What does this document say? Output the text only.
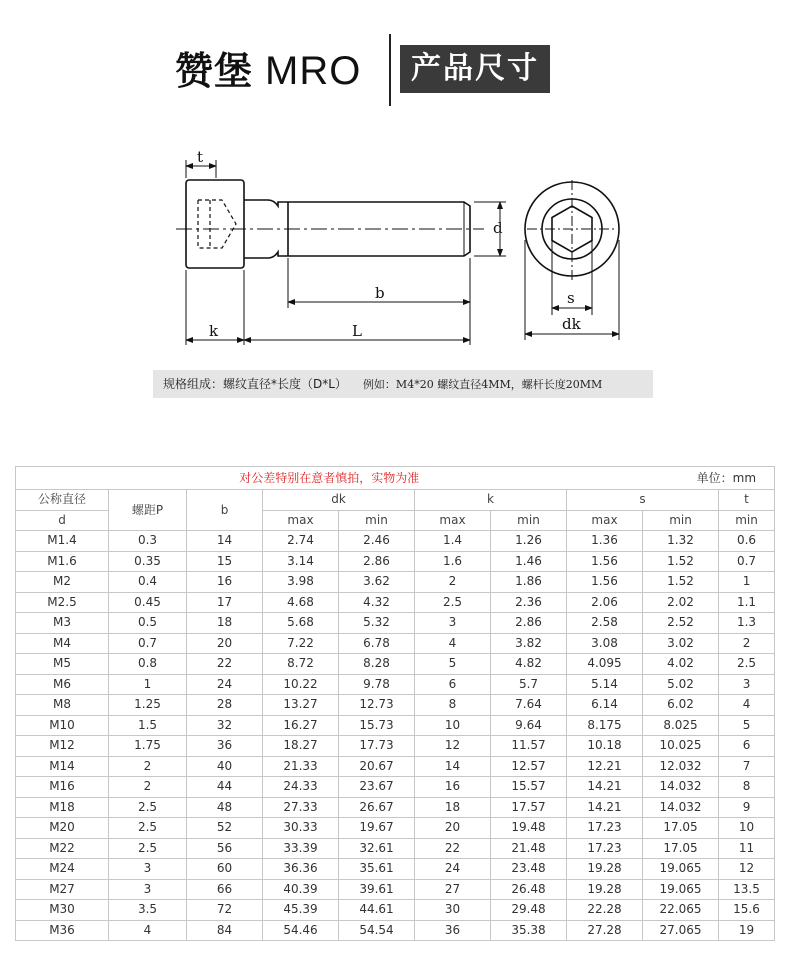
赞堡 MRO	产品尺寸
t
d
b
k	L
s
dk
规格组成：螺纹直径*长度（D*L） 例如：M4*20 螺纹直径4MM，螺杆长度20MM
对公差特别在意者慎拍，实物为准								单位：mm	
公称直径	螺距P	b	dk		k		s		t
d			max	min	max	min	max	min	min
M1.4	0.3	14	2.74	2.46	1.4	1.26	1.36	1.32	0.6
M1.6	0.35	15	3.14	2.86	1.6	1.46	1.56	1.52	0.7
M2	0.4	16	3.98	3.62	2	1.86	1.56	1.52	1
M2.5	0.45	17	4.68	4.32	2.5	2.36	2.06	2.02	1.1
M3	0.5	18	5.68	5.32	3	2.86	2.58	2.52	1.3
M4	0.7	20	7.22	6.78	4	3.82	3.08	3.02	2
M5	0.8	22	8.72	8.28	5	4.82	4.095	4.02	2.5
M6	1	24	10.22	9.78	6	5.7	5.14	5.02	3
M8	1.25	28	13.27	12.73	8	7.64	6.14	6.02	4
M10	1.5	32	16.27	15.73	10	9.64	8.175	8.025	5
M12	1.75	36	18.27	17.73	12	11.57	10.18	10.025	6
M14	2	40	21.33	20.67	14	12.57	12.21	12.032	7
M16	2	44	24.33	23.67	16	15.57	14.21	14.032	8
M18	2.5	48	27.33	26.67	18	17.57	14.21	14.032	9
M20	2.5	52	30.33	19.67	20	19.48	17.23	17.05	10
M22	2.5	56	33.39	32.61	22	21.48	17.23	17.05	11
M24	3	60	36.36	35.61	24	23.48	19.28	19.065	12
M27	3	66	40.39	39.61	27	26.48	19.28	19.065	13.5
M30	3.5	72	45.39	44.61	30	29.48	22.28	22.065	15.6
M36	4	84	54.46	54.54	36	35.38	27.28	27.065	19
